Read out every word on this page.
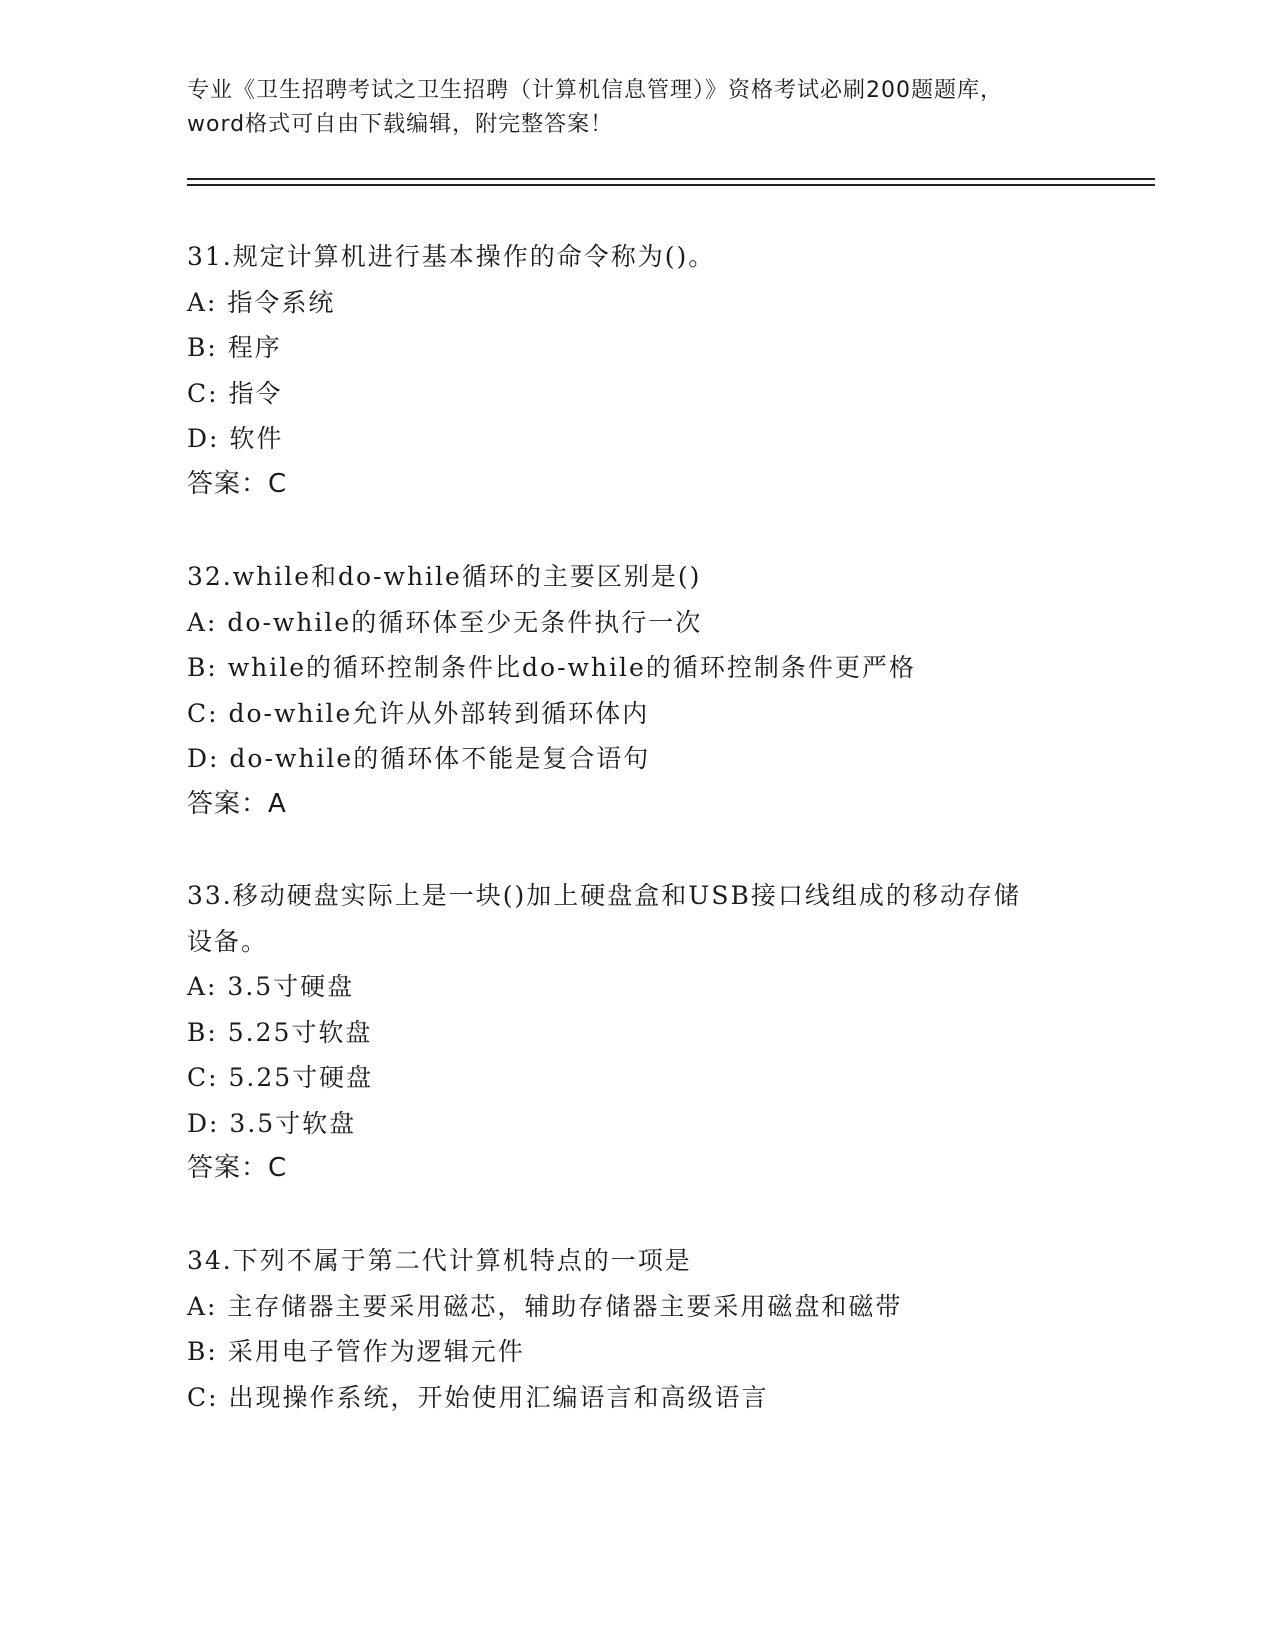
专业《卫生招聘考试之卫生招聘（计算机信息管理）》资格考试必刷200题题库，
word格式可自由下载编辑，附完整答案！
31.规定计算机进行基本操作的命令称为()。
A: 指令系统
B: 程序
C: 指令
D: 软件
答案：C
32.while和do-while循环的主要区别是()
A: do-while的循环体至少无条件执行一次
B: while的循环控制条件比do-while的循环控制条件更严格
C: do-while允许从外部转到循环体内
D: do-while的循环体不能是复合语句
答案：A
33.移动硬盘实际上是一块()加上硬盘盒和USB接口线组成的移动存储
设备。
A: 3.5寸硬盘
B: 5.25寸软盘
C: 5.25寸硬盘
D: 3.5寸软盘
答案：C
34.下列不属于第二代计算机特点的一项是
A: 主存储器主要采用磁芯，辅助存储器主要采用磁盘和磁带
B: 采用电子管作为逻辑元件
C: 出现操作系统，开始使用汇编语言和高级语言
